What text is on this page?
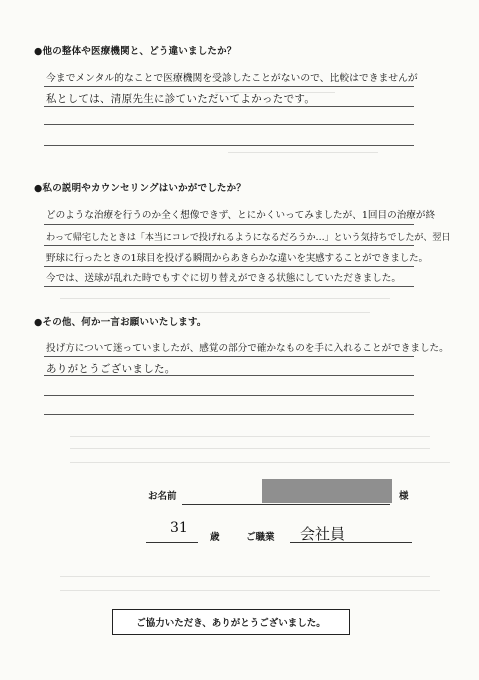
●他の整体や医療機関と、どう違いましたか？
今までメンタル的なことで医療機関を受診したことがないので、比較はできませんが
私としては、清原先生に診ていただいてよかったです。
●私の説明やカウンセリングはいかがでしたか？
どのような治療を行うのか全く想像できず、とにかくいってみましたが、1回目の治療が終
わって帰宅したときは「本当にコレで投げれるようになるだろうか…」という気持ちでしたが、翌日
野球に行ったときの1球目を投げる瞬間からあきらかな違いを実感することができました。
今では、送球が乱れた時でもすぐに切り替えができる状態にしていただきました。
●その他、何か一言お願いいたします。
投げ方について迷っていましたが、感覚の部分で確かなものを手に入れることができました。
ありがとうございました。
お名前	様
31
歳	ご職業 会社員
ご協力いただき、ありがとうございました。
